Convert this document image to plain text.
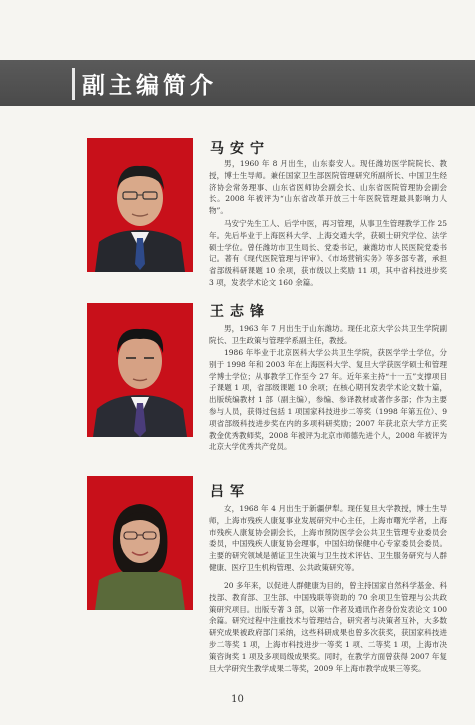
副主编简介
马安宁

男，1960 年 8 月出生，山东泰安人。现任潍坊医学院院长、教授，博士生导师。兼任国家卫生部医院管理研究所副所长、中国卫生经济协会常务理事、山东省医师协会副会长、山东省医院管理协会副会长。2008 年被评为“山东省改革开放三十年医院管理最具影响力人物”。

马安宁先生工人、后学中医，再习管理，从事卫生管理教学工作 25 年。先后毕业于上海医科大学、上海交通大学，获硕士研究学位、法学硕士学位。曾任潍坊市卫生局长、党委书记，兼潍坊市人民医院党委书记。著有《现代医院管理与评审》、《市场营销实务》等多部专著，承担省部级科研课题 10 余项，获市级以上奖励 11 项，其中省科技进步奖 3 项，发表学术论文 160 余篇。

王志锋

男，1963 年 7 月出生于山东潍坊。现任北京大学公共卫生学院副院长、卫生政策与管理学系副主任，教授。

1986 年毕业于北京医科大学公共卫生学院，获医学学士学位，分别于 1998 年和 2003 年在上海医科大学、复旦大学获医学硕士和管理学博士学位；从事教学工作至今 27 年。近年来主持“十一五”支撑项目子课题 1 项，省部级课题 10 余项；在核心期刊发表学术论文数十篇，出版统编教材 1 部（副主编），参编、参译教材或著作多部；作为主要参与人员，获得过包括 1 项国家科技进步二等奖（1998 年第五位）、9 项省部级科技进步奖在内的多项科研奖励；2007 年获北京大学方正奖教金优秀教师奖，2008 年被评为北京市师德先进个人，2008 年被评为北京大学优秀共产党员。

吕军

女，1968 年 4 月出生于新疆伊犁。现任复旦大学教授，博士生导师，上海市残疾人康复事业发展研究中心主任，上海市曙光学者，上海市残疾人康复协会副会长，上海市预防医学会公共卫生管理专业委员会委员，中国残疾人康复协会理事，中国妇幼保健中心专家委员会委员。主要的研究领域是循证卫生决策与卫生技术评估、卫生服务研究与人群健康、医疗卫生机构管理、公共政策研究等。

20 多年来，以促进人群健康为目的，曾主持国家自然科学基金、科技部、教育部、卫生部、中国残联等资助的 70 余项卫生管理与公共政策研究项目。出版专著 3 部，以第一作者及通讯作者身份发表论文 100 余篇。研究过程中注重技术与管理结合，研究者与决策者互补，大多数研究成果被政府部门采纳，这些科研成果也曾多次获奖，获国家科技进步二等奖 1 项，上海市科技进步一等奖 1 项、二等奖 1 项，上海市决策咨询奖 1 项及多项局级成果奖。同时，在教学方面曾获得 2007 年复旦大学研究生教学成果二等奖，2009 年上海市教学成果三等奖。

10
